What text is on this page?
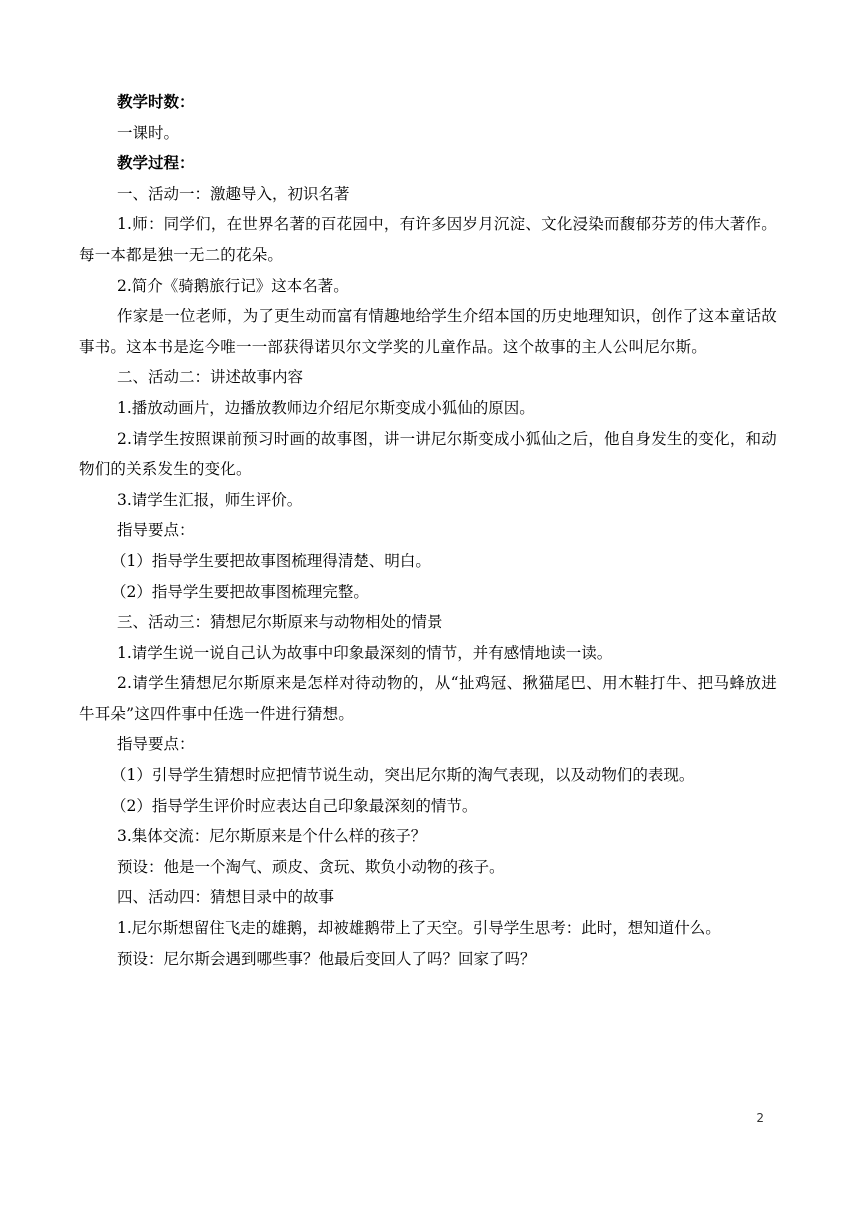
教学时数：
一课时。
教学过程：
一、活动一：激趣导入，初识名著
1.师：同学们，在世界名著的百花园中，有许多因岁月沉淀、文化浸染而馥郁芬芳的伟大著作。每一本都是独一无二的花朵。
2.简介《骑鹅旅行记》这本名著。
作家是一位老师，为了更生动而富有情趣地给学生介绍本国的历史地理知识，创作了这本童话故事书。这本书是迄今唯一一部获得诺贝尔文学奖的儿童作品。这个故事的主人公叫尼尔斯。
二、活动二：讲述故事内容
1.播放动画片，边播放教师边介绍尼尔斯变成小狐仙的原因。
2.请学生按照课前预习时画的故事图，讲一讲尼尔斯变成小狐仙之后，他自身发生的变化，和动物们的关系发生的变化。
3.请学生汇报，师生评价。
指导要点：
（1）指导学生要把故事图梳理得清楚、明白。
（2）指导学生要把故事图梳理完整。
三、活动三：猜想尼尔斯原来与动物相处的情景
1.请学生说一说自己认为故事中印象最深刻的情节，并有感情地读一读。
2.请学生猜想尼尔斯原来是怎样对待动物的，从“扯鸡冠、揪猫尾巴、用木鞋打牛、把马蜂放进牛耳朵”这四件事中任选一件进行猜想。
指导要点：
（1）引导学生猜想时应把情节说生动，突出尼尔斯的淘气表现，以及动物们的表现。
（2）指导学生评价时应表达自己印象最深刻的情节。
3.集体交流：尼尔斯原来是个什么样的孩子？
预设：他是一个淘气、顽皮、贪玩、欺负小动物的孩子。
四、活动四：猜想目录中的故事
1.尼尔斯想留住飞走的雄鹅，却被雄鹅带上了天空。引导学生思考：此时，想知道什么。
预设：尼尔斯会遇到哪些事？他最后变回人了吗？回家了吗？
2
